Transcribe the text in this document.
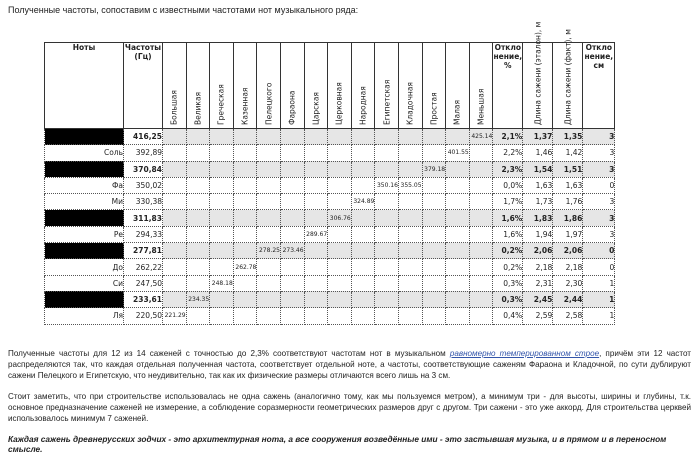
Полученные частоты, сопоставим с известными частотами нот музыкального ряда:
Ноты	Частоты (Гц)	Большая	Великая	Греческая	Казенная	Пелецкого	Фараона	Царская	Церковная	Народная	Египетская	Кладочная	Простая	Малая	Меньшая	Откло нение, %	Длина сажени (эталон), м	Длина сажени (факт), м	Откло нение, см
	416,25														425.14	2,1%	1,37	1,35	3
Соль	392,89													401.55		2,2%	1,46	1,42	3
	370,84												379.18			2,3%	1,54	1,51	3
Фа	350,02										350.16	355.05				0,0%	1,63	1,63	0
Ми	330,38									324.89						1,7%	1,73	1,76	3
	311,83								306.76							1,6%	1,83	1,86	3
Ре	294,33							289.67								1,6%	1,94	1,97	3
	277,81					278.25	273.46									0,2%	2,06	2,06	0
До	262,22				262.78											0,2%	2,18	2,18	0
Си	247,50			248.18												0,3%	2,31	2,30	1
	233,61		234.35													0,3%	2,45	2,44	1
Ля	220,50	221.29														0,4%	2,59	2,58	1
Полученные частоты для 12 из 14 саженей с точностью до 2,3% соответствуют частотам нот в музыкальном равномерно темперированном строе, причём эти 12 частот распределяются так, что каждая отдельная полученная частота, соответствует отдельной ноте, а частоты, соответствующие саженям Фараона и Кладочной, по сути дублируют сажени Пелецкого и Египетскую, что неудивительно, так как их физические размеры отличаются всего лишь на 3 см.
Стоит заметить, что при строительстве использовалась не одна сажень (аналогично тому, как мы пользуемся метром), а минимум три - для высоты, ширины и глубины, т.к. основное предназначение саженей не измерение, а соблюдение соразмерности геометрических размеров друг с другом. Три сажени - это уже аккорд. Для строительства церквей использовалось минимум 7 саженей.
Каждая сажень древнерусских зодчих - это архитектурная нота, а все сооружения возведённые ими - это застывшая музыка, и в прямом и в переносном смысле.
